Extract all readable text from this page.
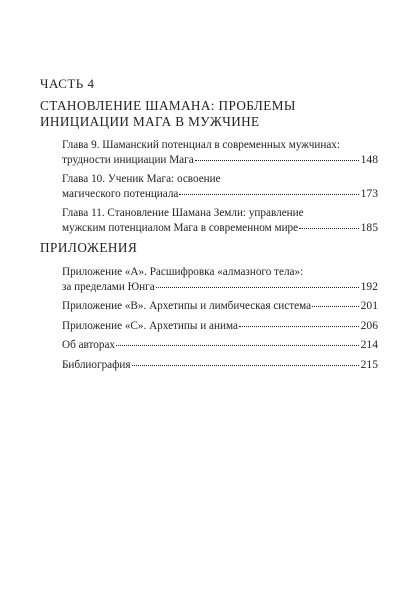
ЧАСТЬ 4
СТАНОВЛЕНИЕ ШАМАНА: ПРОБЛЕМЫ
ИНИЦИАЦИИ МАГА В МУЖЧИНЕ
Глава 9. Шаманский потенциал в современных мужчинах:
трудности инициации Мага	148
Глава 10. Ученик Мага: освоение
магического потенциала	173
Глава 11. Становление Шамана Земли: управление
мужским потенциалом Мага в современном мире	185
ПРИЛОЖЕНИЯ
Приложение «А». Расшифровка «алмазного тела»:
за пределами Юнга	192
Приложение «В». Архетипы и лимбическая система	201
Приложение «С». Архетипы и анима	206
Об авторах	214
Библиография	215
